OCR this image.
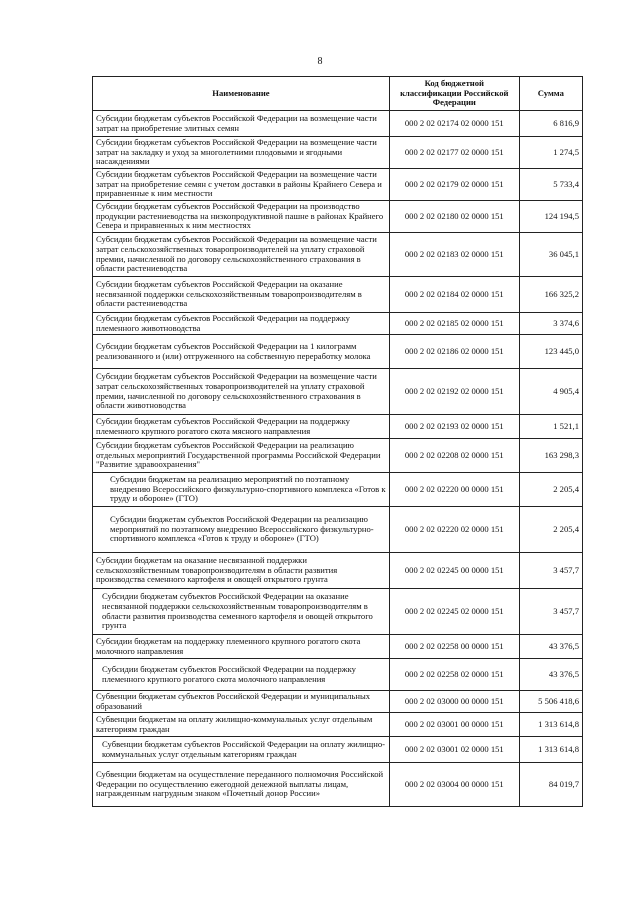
8
Наименование	Код бюджетной классификации Российской Федерации	Сумма
Субсидии бюджетам субъектов Российской Федерации на возмещение части затрат на приобретение элитных семян	000 2 02 02174 02 0000 151	6 816,9
Субсидии бюджетам субъектов Российской Федерации на возмещение части затрат на закладку и уход за многолетними плодовыми и ягодными насаждениями	000 2 02 02177 02 0000 151	1 274,5
Субсидии бюджетам субъектов Российской Федерации на возмещение части затрат на приобретение семян с учетом доставки в районы Крайнего Севера и приравненные к ним местности	000 2 02 02179 02 0000 151	5 733,4
Субсидии бюджетам субъектов Российской Федерации на производство продукции растениеводства на низкопродуктивной пашне в районах Крайнего Севера и приравненных к ним местностях	000 2 02 02180 02 0000 151	124 194,5
Субсидии бюджетам субъектов Российской Федерации на возмещение части затрат сельскохозяйственных товаропроизводителей на уплату страховой премии, начисленной по договору сельскохозяйственного страхования в области растениеводства	000 2 02 02183 02 0000 151	36 045,1
Субсидии бюджетам субъектов Российской Федерации на оказание несвязанной поддержки сельскохозяйственным товаропроизводителям в области растениеводства	000 2 02 02184 02 0000 151	166 325,2
Субсидии бюджетам субъектов Российской Федерации на поддержку племенного животноводства	000 2 02 02185 02 0000 151	3 374,6
Субсидии бюджетам субъектов Российской Федерации на 1 килограмм реализованного и (или) отгруженного на собственную переработку молока	000 2 02 02186 02 0000 151	123 445,0
Субсидии бюджетам субъектов Российской Федерации на возмещение части затрат сельскохозяйственных товаропроизводителей на уплату страховой премии, начисленной по договору сельскохозяйственного страхования в области животноводства	000 2 02 02192 02 0000 151	4 905,4
Субсидии бюджетам субъектов Российской Федерации на поддержку племенного крупного рогатого скота мясного направления	000 2 02 02193 02 0000 151	1 521,1
Субсидии бюджетам субъектов Российской Федерации на реализацию отдельных мероприятий Государственной программы Российской Федерации "Развитие здравоохранения"	000 2 02 02208 02 0000 151	163 298,3
Субсидии бюджетам на реализацию мероприятий по поэтапному внедрению Всероссийского физкультурно-спортивного комплекса «Готов к труду и обороне» (ГТО)	000 2 02 02220 00 0000 151	2 205,4
Субсидии бюджетам субъектов Российской Федерации на реализацию мероприятий по поэтапному внедрению Всероссийского физкультурно-спортивного комплекса «Готов к труду и обороне» (ГТО)	000 2 02 02220 02 0000 151	2 205,4
Субсидии бюджетам на оказание несвязанной поддержки сельскохозяйственным товаропроизводителям в области развития производства семенного картофеля и овощей открытого грунта	000 2 02 02245 00 0000 151	3 457,7
Субсидии бюджетам субъектов Российской Федерации на оказание несвязанной поддержки сельскохозяйственным товаропроизводителям в области развития производства семенного картофеля и овощей открытого грунта	000 2 02 02245 02 0000 151	3 457,7
Субсидии бюджетам на поддержку племенного крупного рогатого скота молочного направления	000 2 02 02258 00 0000 151	43 376,5
Субсидии бюджетам субъектов Российской Федерации на поддержку племенного крупного рогатого скота молочного направления	000 2 02 02258 02 0000 151	43 376,5
Субвенции бюджетам субъектов Российской Федерации и муниципальных образований	000 2 02 03000 00 0000 151	5 506 418,6
Субвенции бюджетам на оплату жилищно-коммунальных услуг отдельным категориям граждан	000 2 02 03001 00 0000 151	1 313 614,8
Субвенции бюджетам субъектов Российской Федерации на оплату жилищно-коммунальных услуг отдельным категориям граждан	000 2 02 03001 02 0000 151	1 313 614,8
Субвенции бюджетам на осуществление переданного полномочия Российской Федерации по осуществлению ежегодной денежной выплаты лицам, награжденным нагрудным знаком «Почетный донор России»	000 2 02 03004 00 0000 151	84 019,7
